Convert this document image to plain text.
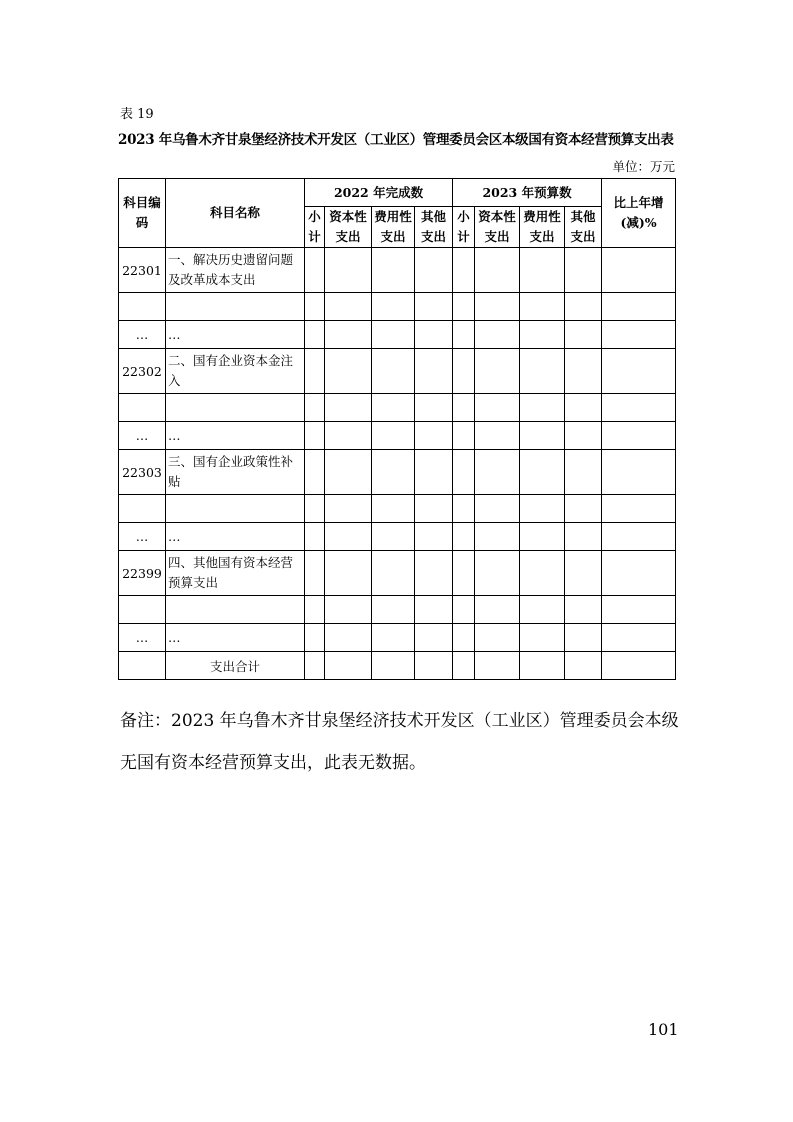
表 19
2023 年乌鲁木齐甘泉堡经济技术开发区（工业区）管理委员会区本级国有资本经营预算支出表
单位：万元
科目编码	科目名称	2022 年完成数				2023 年预算数				比上年增(减)%
		小计	资本性支出	费用性支出	其他支出	小计	资本性支出	费用性支出	其他支出	
22301	一、解决历史遗留问题及改革成本支出									

…	…									
22302	二、国有企业资本金注入									

…	…									
22303	三、国有企业政策性补贴									

…	…									
22399	四、其他国有资本经营预算支出									

…	…									
	支出合计									
备注：2023 年乌鲁木齐甘泉堡经济技术开发区（工业区）管理委员会本级无国有资本经营预算支出，此表无数据。
101
